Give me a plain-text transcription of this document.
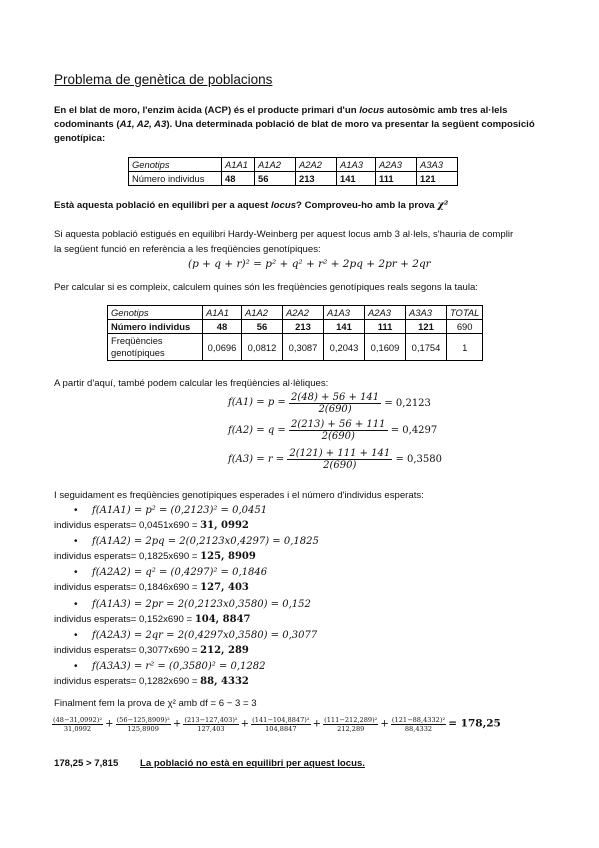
Problema de genètica de poblacions
En el blat de moro, l'enzim àcida (ACP) és el producte primari d'un locus autosòmic amb tres al·lels
codominants (A1, A2, A3). Una determinada població de blat de moro va presentar la següent composició
genotípica:
Genotips	A1A1	A1A2	A2A2	A1A3	A2A3	A3A3
Número individus	48	56	213	141	111	121
Està aquesta població en equilibri per a aquest locus? Comproveu-ho amb la prova χ²
Si aquesta població estigués en equilibri Hardy-Weinberg per aquest locus amb 3 al·lels, s'hauria de complir
la següent funció en referència a les freqüències genotípiques:
(p + q + r)² = p² + q² + r² + 2pq + 2pr + 2qr
Per calcular si es compleix, calculem quines són les freqüències genotípiques reals segons la taula:
Genotips	A1A1	A1A2	A2A2	A1A3	A2A3	A3A3	TOTAL
Número individus	48	56	213	141	111	121	690
Freqüències
genotípiques	0,0696	0,0812	0,3087	0,2043	0,1609	0,1754	1
A partir d'aquí, també podem calcular les freqüències al·lèliques:
$f(A1) = p = \frac{2(48) + 56 + 141}{2(690)} = 0,2123$
$f(A2) = q = \frac{2(213) + 56 + 111}{2(690)} = 0,4297$
$f(A3) = r = \frac{2(121) + 111 + 141}{2(690)} = 0,3580$
I seguidament es freqüències genotípiques esperades i el número d'individus esperats:
• f(A1A1) = p² = (0,2123)² = 0,0451
individus esperats= 0,0451x690 = 31, 0992
• f(A1A2) = 2pq = 2(0,2123x0,4297) = 0,1825
individus esperats= 0,1825x690 = 125, 8909
• f(A2A2) = q² = (0,4297)² = 0,1846
individus esperats= 0,1846x690 = 127, 403
• f(A1A3) = 2pr = 2(0,2123x0,3580) = 0,152
individus esperats= 0,152x690 = 104, 8847
• f(A2A3) = 2qr = 2(0,4297x0,3580) = 0,3077
individus esperats= 0,3077x690 = 212, 289
• f(A3A3) = r² = (0,3580)² = 0,1282
individus esperats= 0,1282x690 = 88, 4332
Finalment fem la prova de χ² amb df = 6 − 3 = 3
$\frac{\text{(48−31,0992)²}}{31,0992} + \frac{\text{(56−125,8909)²}}{125,8909} + \frac{\text{(213−127,403)²}}{127,403} + \frac{\text{(141−104,8847)²}}{104,8847} + \frac{\text{(111−212,289)²}}{212,289} + \frac{\text{(121−88,4332)²}}{88,4332} = 178,25$
178,25 > 7,815 La població no està en equilibri per aquest locus.
